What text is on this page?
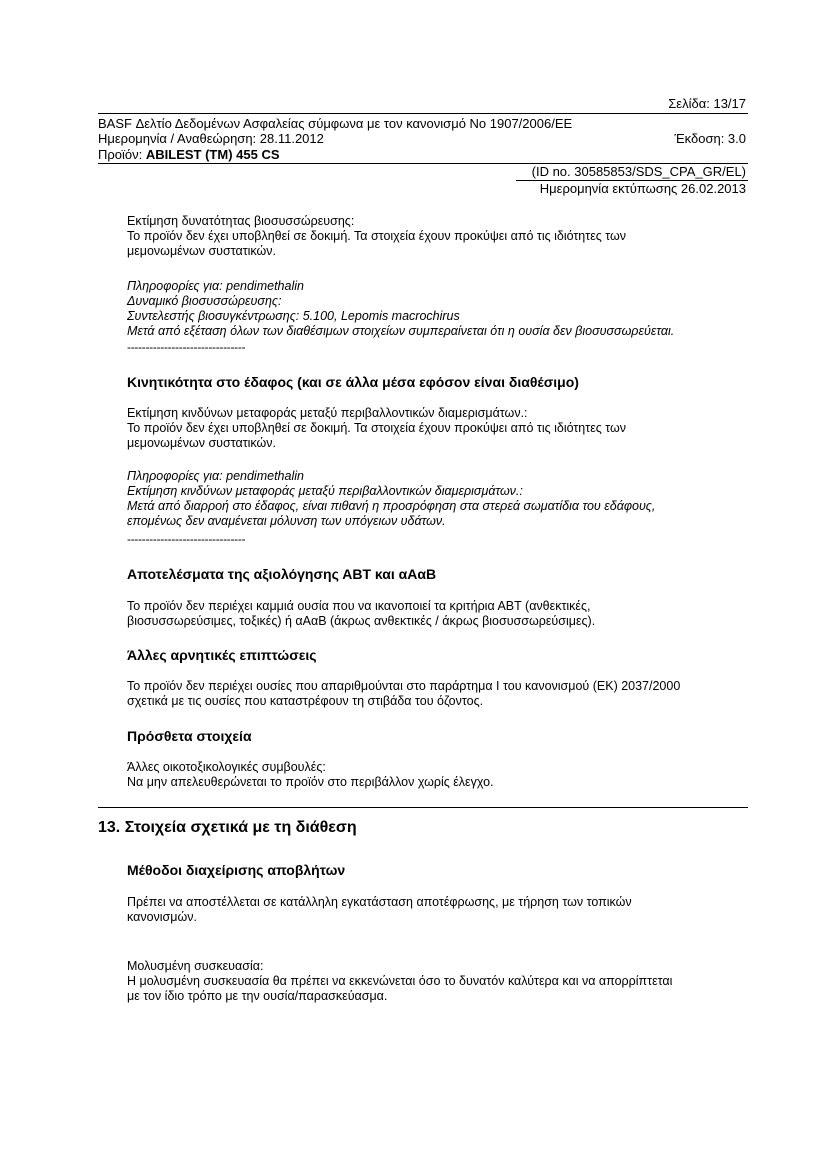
Σελίδα: 13/17
BASF Δελτίο Δεδομένων Ασφαλείας σύμφωνα με τον κανονισμό Νο 1907/2006/ΕΕ
Ημερομηνία / Αναθεώρηση: 28.11.2012	Έκδοση: 3.0
Προϊόν: ABILEST (TM) 455 CS
(ID no. 30585853/SDS_CPA_GR/EL)
Ημερομηνία εκτύπωσης 26.02.2013
Εκτίμηση δυνατότητας βιοσυσσώρευσης:
Το προϊόν δεν έχει υποβληθεί σε δοκιμή. Τα στοιχεία έχουν προκύψει από τις ιδιότητες των
μεμονωμένων συστατικών.
Πληροφορίες για: pendimethalin
Δυναμικό βιοσυσσώρευσης:
Συντελεστής βιοσυγκέντρωσης: 5.100, Lepomis macrochirus
Μετά από εξέταση όλων των διαθέσιμων στοιχείων συμπεραίνεται ότι η ουσία δεν βιοσυσσωρεύεται.
--------------------------------
Κινητικότητα στο έδαφος (και σε άλλα μέσα εφόσον είναι διαθέσιμο)
Εκτίμηση κινδύνων μεταφοράς μεταξύ περιβαλλοντικών διαμερισμάτων.:
Το προϊόν δεν έχει υποβληθεί σε δοκιμή. Τα στοιχεία έχουν προκύψει από τις ιδιότητες των
μεμονωμένων συστατικών.
Πληροφορίες για: pendimethalin
Εκτίμηση κινδύνων μεταφοράς μεταξύ περιβαλλοντικών διαμερισμάτων.:
Μετά από διαρροή στο έδαφος, είναι πιθανή η προσρόφηση στα στερεά σωματίδια του εδάφους,
επομένως δεν αναμένεται μόλυνση των υπόγειων υδάτων.
--------------------------------
Αποτελέσματα της αξιολόγησης ΑΒΤ και αΑαΒ
Το προϊόν δεν περιέχει καμμιά ουσία που να ικανοποιεί τα κριτήρια ΑΒΤ (ανθεκτικές,
βιοσυσσωρεύσιμες, τοξικές) ή αΑαΒ (άκρως ανθεκτικές / άκρως βιοσυσσωρεύσιμες).
Άλλες αρνητικές επιπτώσεις
Το προϊόν δεν περιέχει ουσίες που απαριθμούνται στο παράρτημα I του κανονισμού (ΕΚ) 2037/2000
σχετικά με τις ουσίες που καταστρέφουν τη στιβάδα του όζοντος.
Πρόσθετα στοιχεία
Άλλες οικοτοξικολογικές συμβουλές:
Να μην απελευθερώνεται το προϊόν στο περιβάλλον χωρίς έλεγχο.
13. Στοιχεία σχετικά με τη διάθεση
Μέθοδοι διαχείρισης αποβλήτων
Πρέπει να αποστέλλεται σε κατάλληλη εγκατάσταση αποτέφρωσης, με τήρηση των τοπικών
κανονισμών.
Μολυσμένη συσκευασία:
Η μολυσμένη συσκευασία θα πρέπει να εκκενώνεται όσο το δυνατόν καλύτερα και να απορρίπτεται
με τον ίδιο τρόπο με την ουσία/παρασκεύασμα.
